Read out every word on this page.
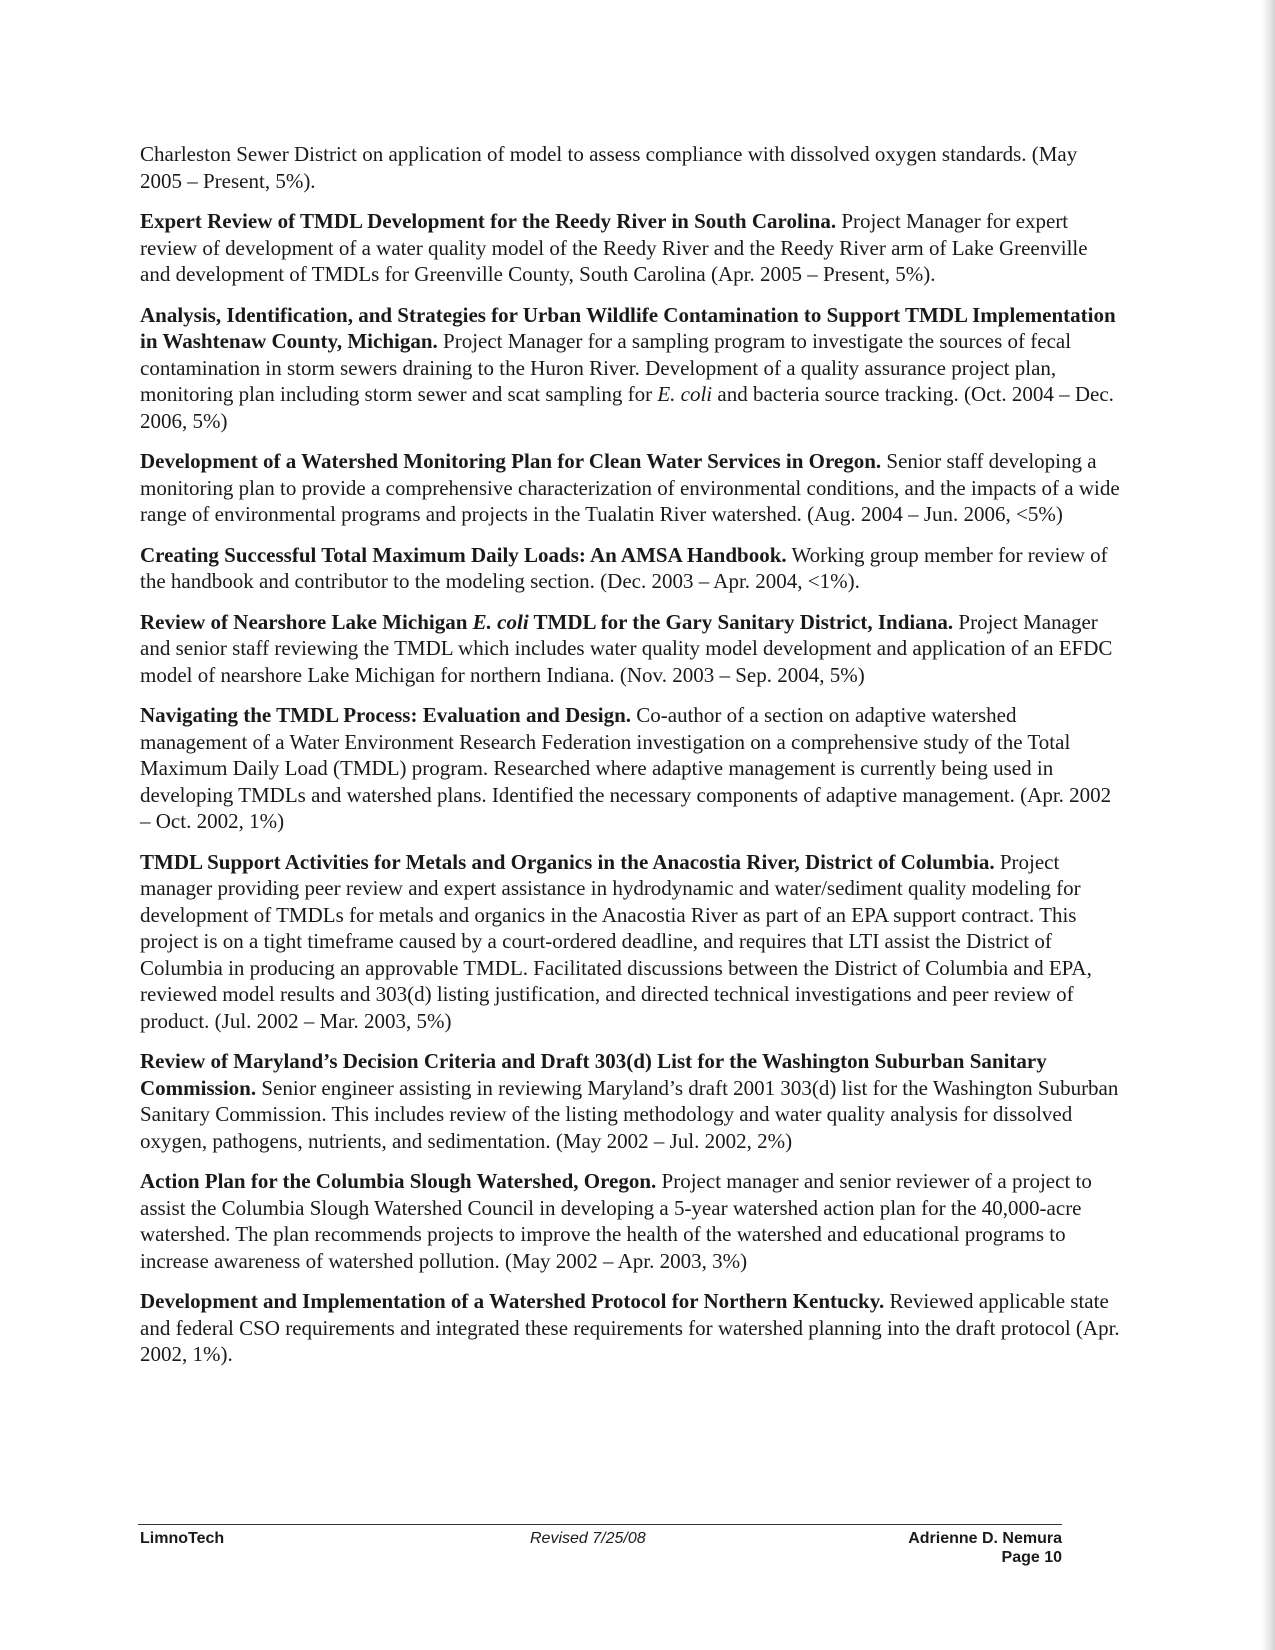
Charleston Sewer District on application of model to assess compliance with dissolved oxygen standards. (May 2005 – Present, 5%).

Expert Review of TMDL Development for the Reedy River in South Carolina. Project Manager for expert review of development of a water quality model of the Reedy River and the Reedy River arm of Lake Greenville and development of TMDLs for Greenville County, South Carolina (Apr. 2005 – Present, 5%).

Analysis, Identification, and Strategies for Urban Wildlife Contamination to Support TMDL Implementation in Washtenaw County, Michigan. Project Manager for a sampling program to investigate the sources of fecal contamination in storm sewers draining to the Huron River. Development of a quality assurance project plan, monitoring plan including storm sewer and scat sampling for E. coli and bacteria source tracking. (Oct. 2004 – Dec. 2006, 5%)

Development of a Watershed Monitoring Plan for Clean Water Services in Oregon. Senior staff developing a monitoring plan to provide a comprehensive characterization of environmental conditions, and the impacts of a wide range of environmental programs and projects in the Tualatin River watershed. (Aug. 2004 – Jun. 2006, <5%)

Creating Successful Total Maximum Daily Loads: An AMSA Handbook. Working group member for review of the handbook and contributor to the modeling section. (Dec. 2003 – Apr. 2004, <1%).

Review of Nearshore Lake Michigan E. coli TMDL for the Gary Sanitary District, Indiana. Project Manager and senior staff reviewing the TMDL which includes water quality model development and application of an EFDC model of nearshore Lake Michigan for northern Indiana. (Nov. 2003 – Sep. 2004, 5%)

Navigating the TMDL Process: Evaluation and Design. Co-author of a section on adaptive watershed management of a Water Environment Research Federation investigation on a comprehensive study of the Total Maximum Daily Load (TMDL) program. Researched where adaptive management is currently being used in developing TMDLs and watershed plans. Identified the necessary components of adaptive management. (Apr. 2002 – Oct. 2002, 1%)

TMDL Support Activities for Metals and Organics in the Anacostia River, District of Columbia. Project manager providing peer review and expert assistance in hydrodynamic and water/sediment quality modeling for development of TMDLs for metals and organics in the Anacostia River as part of an EPA support contract. This project is on a tight timeframe caused by a court-ordered deadline, and requires that LTI assist the District of Columbia in producing an approvable TMDL. Facilitated discussions between the District of Columbia and EPA, reviewed model results and 303(d) listing justification, and directed technical investigations and peer review of product. (Jul. 2002 – Mar. 2003, 5%)

Review of Maryland’s Decision Criteria and Draft 303(d) List for the Washington Suburban Sanitary Commission. Senior engineer assisting in reviewing Maryland’s draft 2001 303(d) list for the Washington Suburban Sanitary Commission. This includes review of the listing methodology and water quality analysis for dissolved oxygen, pathogens, nutrients, and sedimentation. (May 2002 – Jul. 2002, 2%)

Action Plan for the Columbia Slough Watershed, Oregon. Project manager and senior reviewer of a project to assist the Columbia Slough Watershed Council in developing a 5-year watershed action plan for the 40,000-acre watershed. The plan recommends projects to improve the health of the watershed and educational programs to increase awareness of watershed pollution. (May 2002 – Apr. 2003, 3%)

Development and Implementation of a Watershed Protocol for Northern Kentucky. Reviewed applicable state and federal CSO requirements and integrated these requirements for watershed planning into the draft protocol (Apr. 2002, 1%).

LimnoTech	Revised 7/25/08	Adrienne D. Nemura
Page 10
